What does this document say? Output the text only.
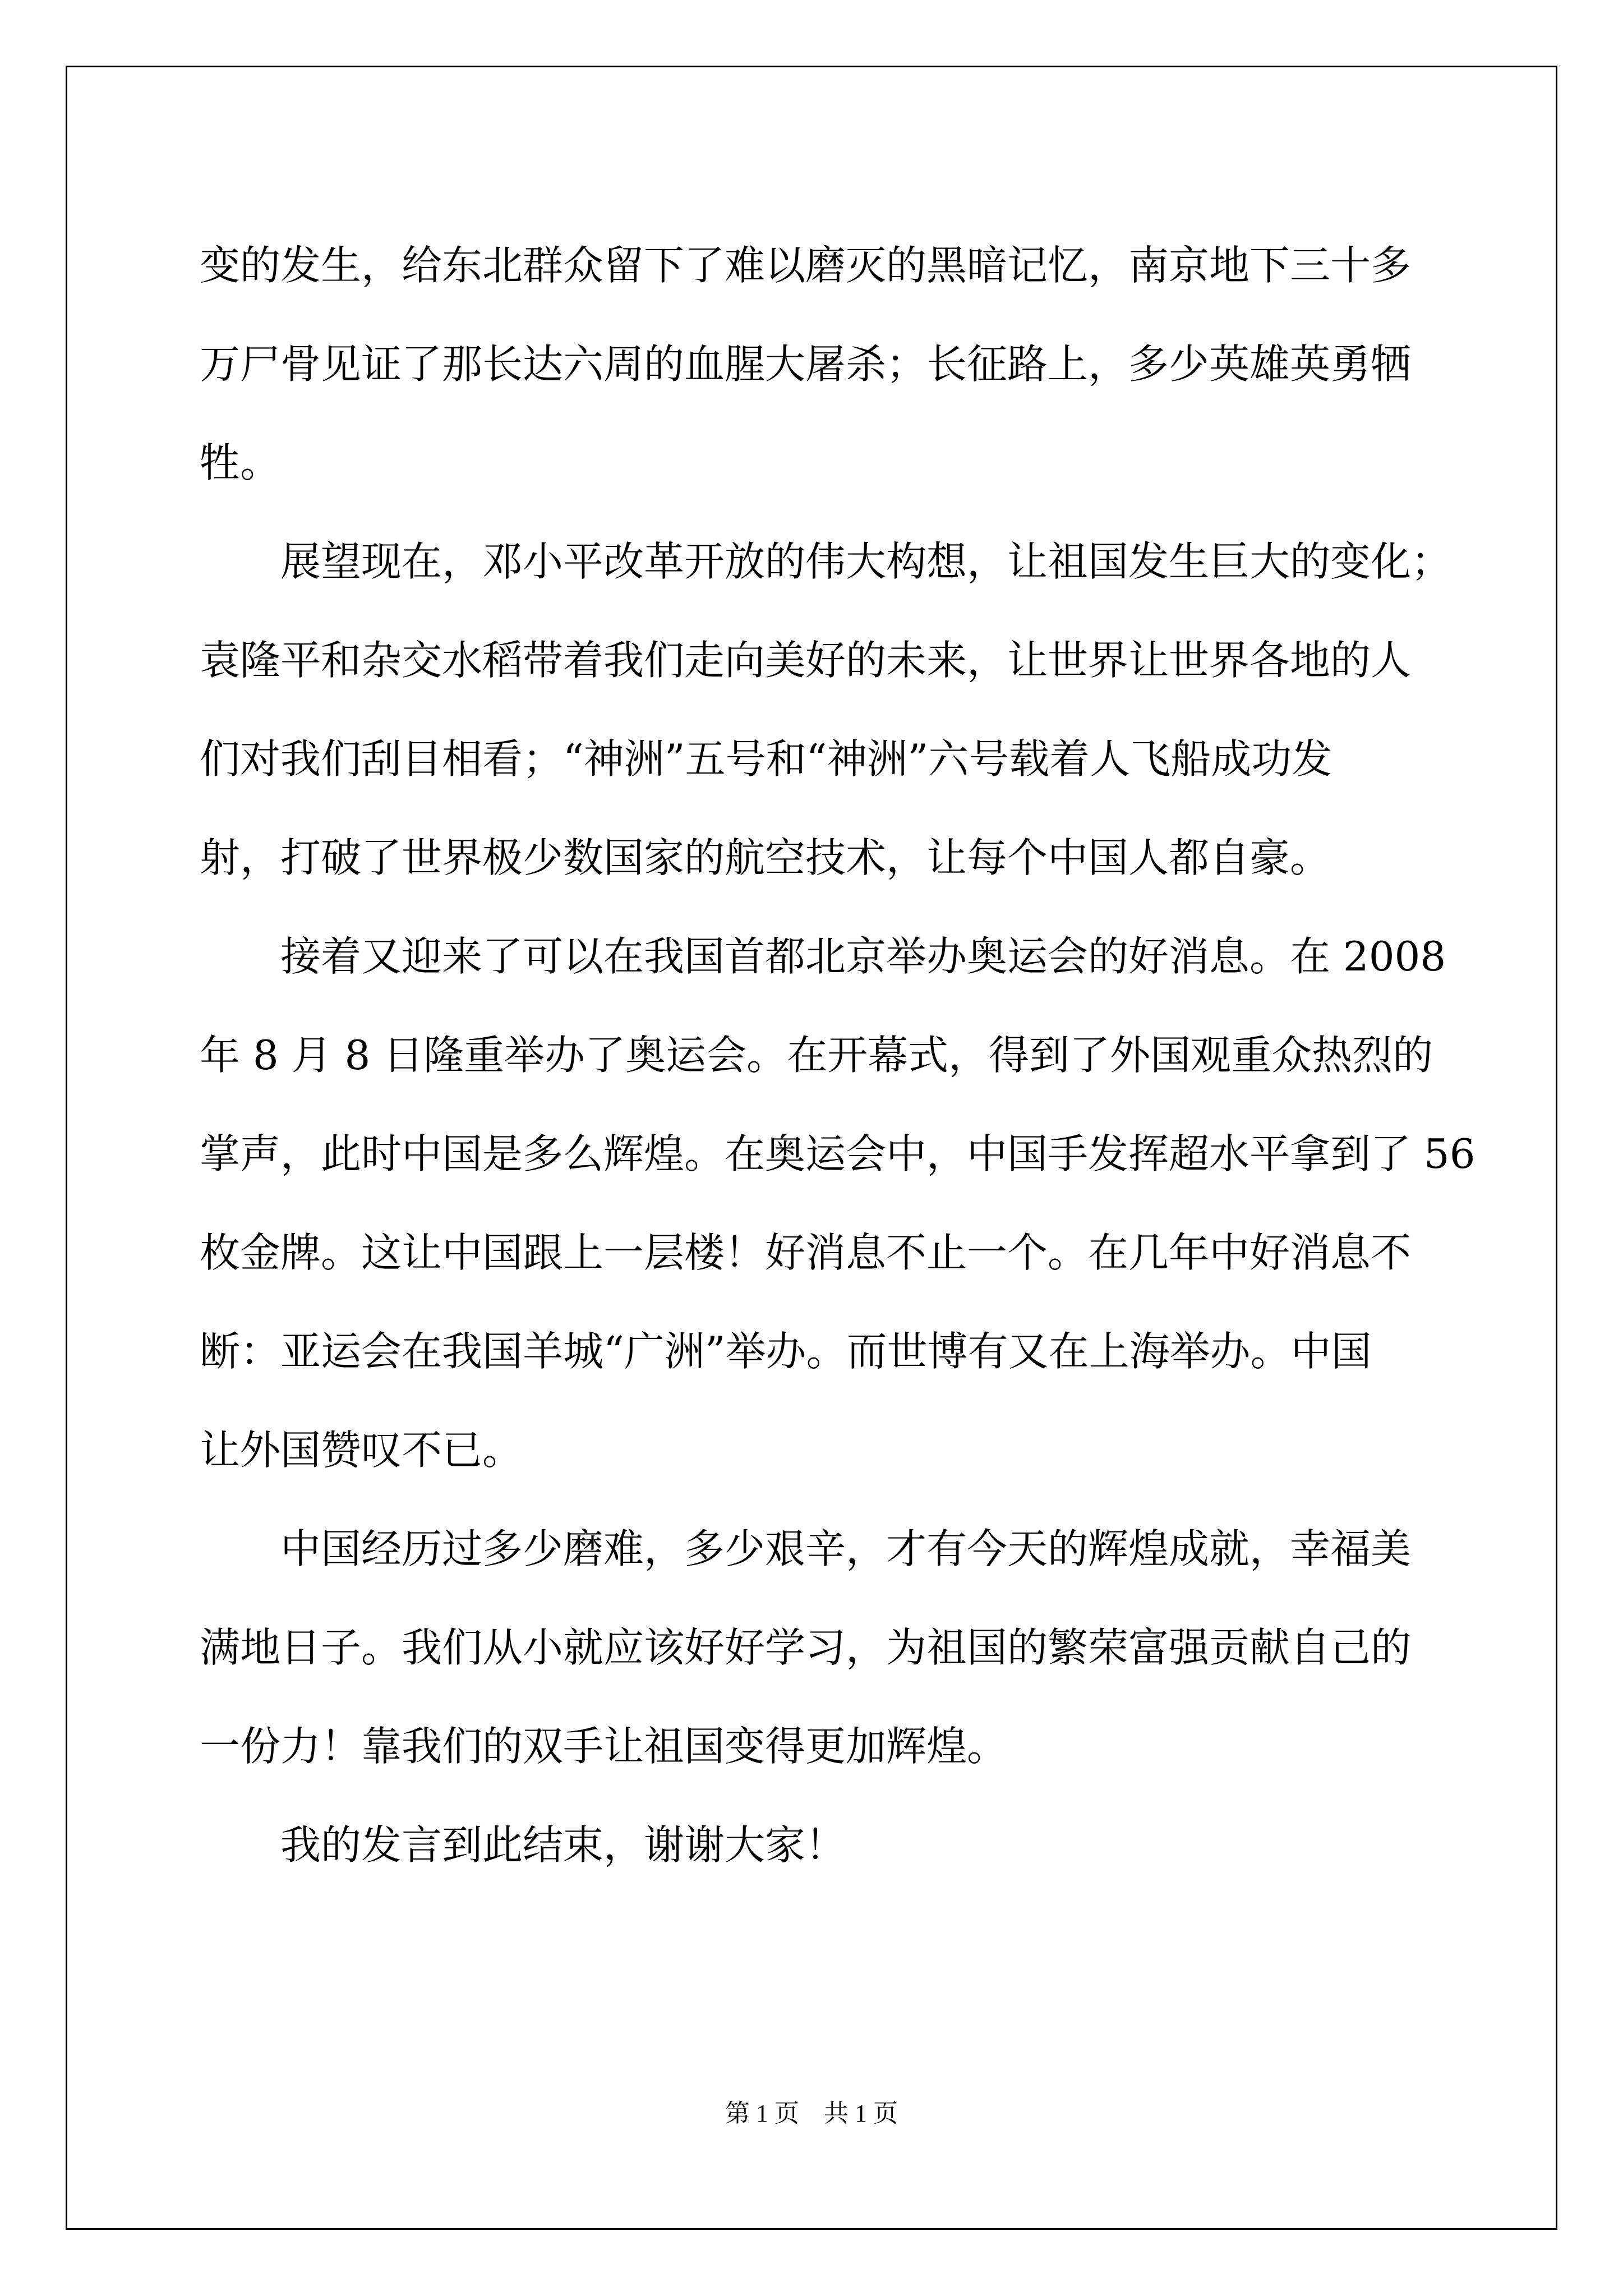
变的发生，给东北群众留下了难以磨灭的黑暗记忆，南京地下三十多
万尸骨见证了那长达六周的血腥大屠杀；长征路上，多少英雄英勇牺
牲。
展望现在，邓小平改革开放的伟大构想，让祖国发生巨大的变化；
袁隆平和杂交水稻带着我们走向美好的未来，让世界让世界各地的人
们对我们刮目相看；“神洲”五号和“神洲”六号载着人飞船成功发
射，打破了世界极少数国家的航空技术，让每个中国人都自豪。
接着又迎来了可以在我国首都北京举办奥运会的好消息。在 2008
年 8 月 8 日隆重举办了奥运会。在开幕式，得到了外国观重众热烈的
掌声，此时中国是多么辉煌。在奥运会中，中国手发挥超水平拿到了 56
枚金牌。这让中国跟上一层楼！好消息不止一个。在几年中好消息不
断：亚运会在我国羊城“广洲”举办。而世博有又在上海举办。中国
让外国赞叹不已。
中国经历过多少磨难，多少艰辛，才有今天的辉煌成就，幸福美
满地日子。我们从小就应该好好学习，为祖国的繁荣富强贡献自己的
一份力！靠我们的双手让祖国变得更加辉煌。
我的发言到此结束，谢谢大家！
第 1 页　共 1 页
